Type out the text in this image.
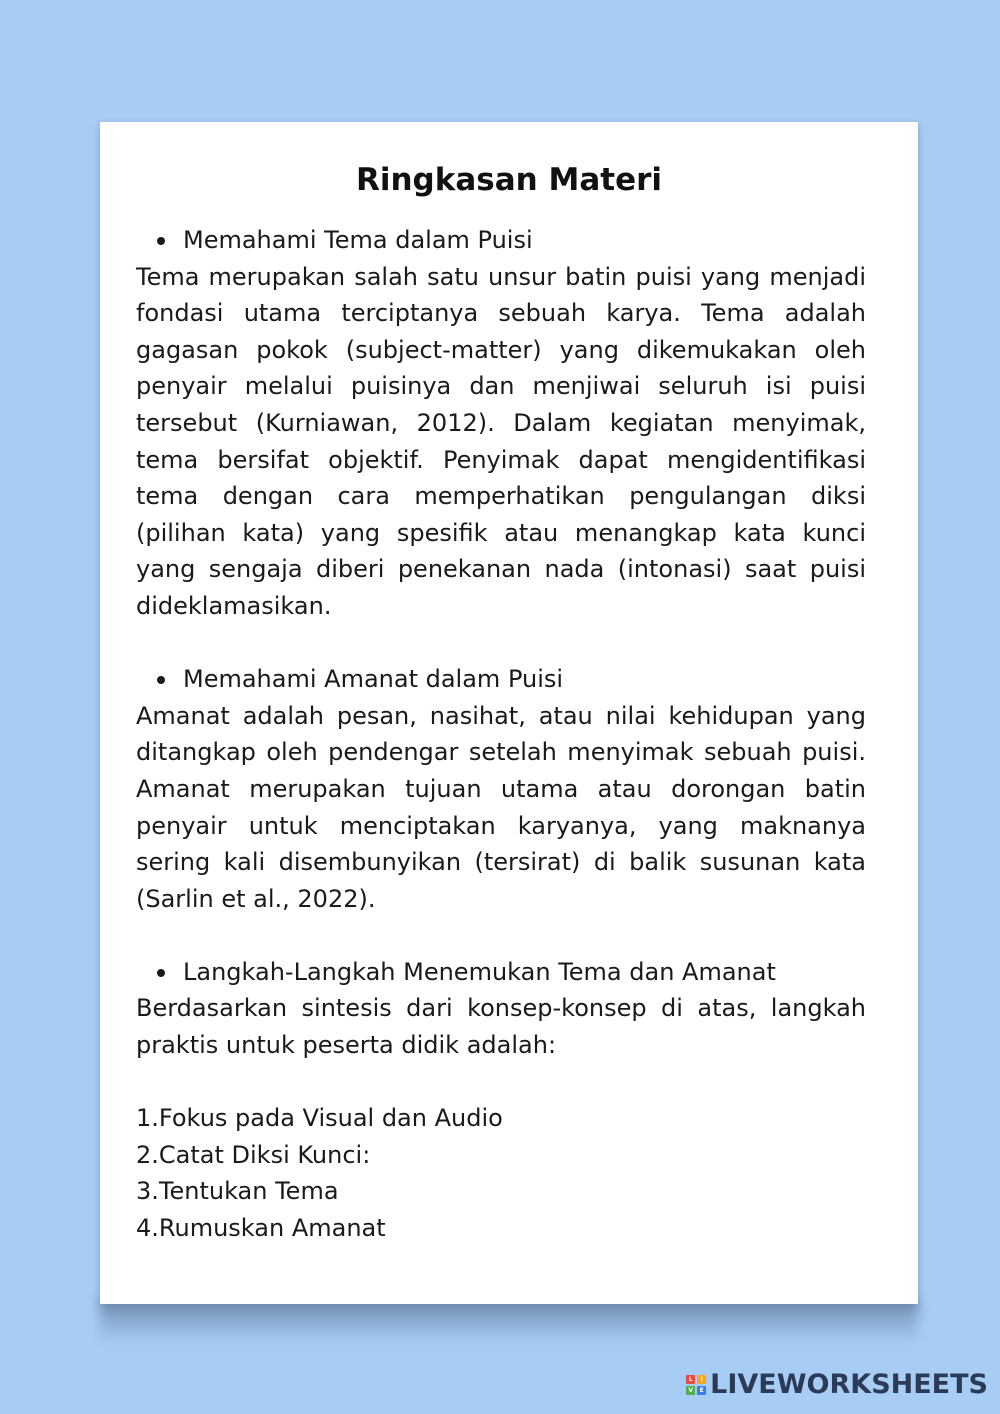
Ringkasan Materi

Memahami Tema dalam Puisi

Tema merupakan salah satu unsur batin puisi yang menjadi fondasi utama terciptanya sebuah karya. Tema adalah gagasan pokok (subject-matter) yang dikemukakan oleh penyair melalui puisinya dan menjiwai seluruh isi puisi tersebut (Kurniawan, 2012). Dalam kegiatan menyimak, tema bersifat objektif. Penyimak dapat mengidentifikasi tema dengan cara memperhatikan pengulangan diksi (pilihan kata) yang spesifik atau menangkap kata kunci yang sengaja diberi penekanan nada (intonasi) saat puisi dideklamasikan.

Memahami Amanat dalam Puisi

Amanat adalah pesan, nasihat, atau nilai kehidupan yang ditangkap oleh pendengar setelah menyimak sebuah puisi. Amanat merupakan tujuan utama atau dorongan batin penyair untuk menciptakan karyanya, yang maknanya sering kali disembunyikan (tersirat) di balik susunan kata (Sarlin et al., 2022).

Langkah-Langkah Menemukan Tema dan Amanat

Berdasarkan sintesis dari konsep-konsep di atas, langkah praktis untuk peserta didik adalah:

1.Fokus pada Visual dan Audio
2.Catat Diksi Kunci:
3.Tentukan Tema
4.Rumuskan Amanat
L	I
V	E LIVEWORKSHEETS
